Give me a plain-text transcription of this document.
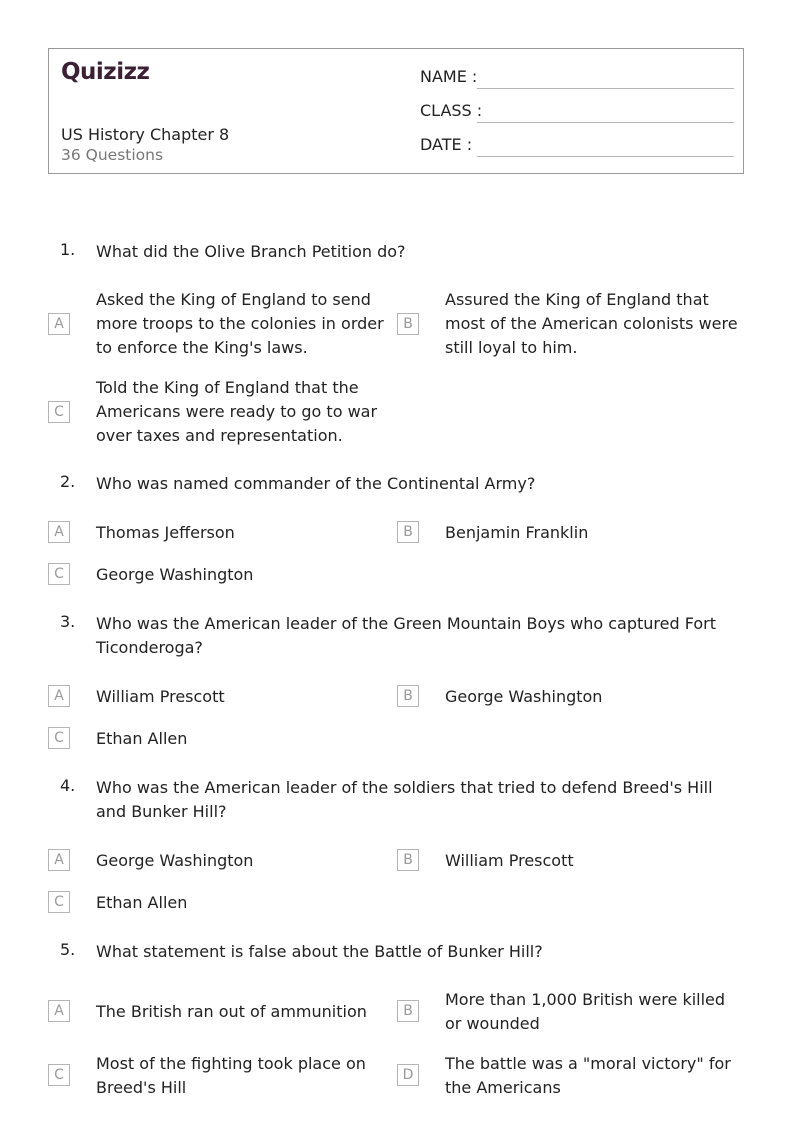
Quizizz
US History Chapter 8
36 Questions
NAME :
CLASS :
DATE :
1. What did the Olive Branch Petition do?
A
Asked the King of England to send more troops to the colonies in order to enforce the King's laws.
B
Assured the King of England that most of the American colonists were still loyal to him.
C
Told the King of England that the Americans were ready to go to war over taxes and representation.
2. Who was named commander of the Continental Army?
A	Thomas Jefferson	B	Benjamin Franklin
C	George Washington
3. Who was the American leader of the Green Mountain Boys who captured Fort Ticonderoga?
A	William Prescott	B	George Washington
C	Ethan Allen
4. Who was the American leader of the soldiers that tried to defend Breed's Hill and Bunker Hill?
A	George Washington	B	William Prescott
C	Ethan Allen
5. What statement is false about the Battle of Bunker Hill?
A	The British ran out of ammunition	B
More than 1,000 British were killed or wounded
C
Most of the fighting took place on Breed's Hill
D
The battle was a "moral victory" for the Americans
